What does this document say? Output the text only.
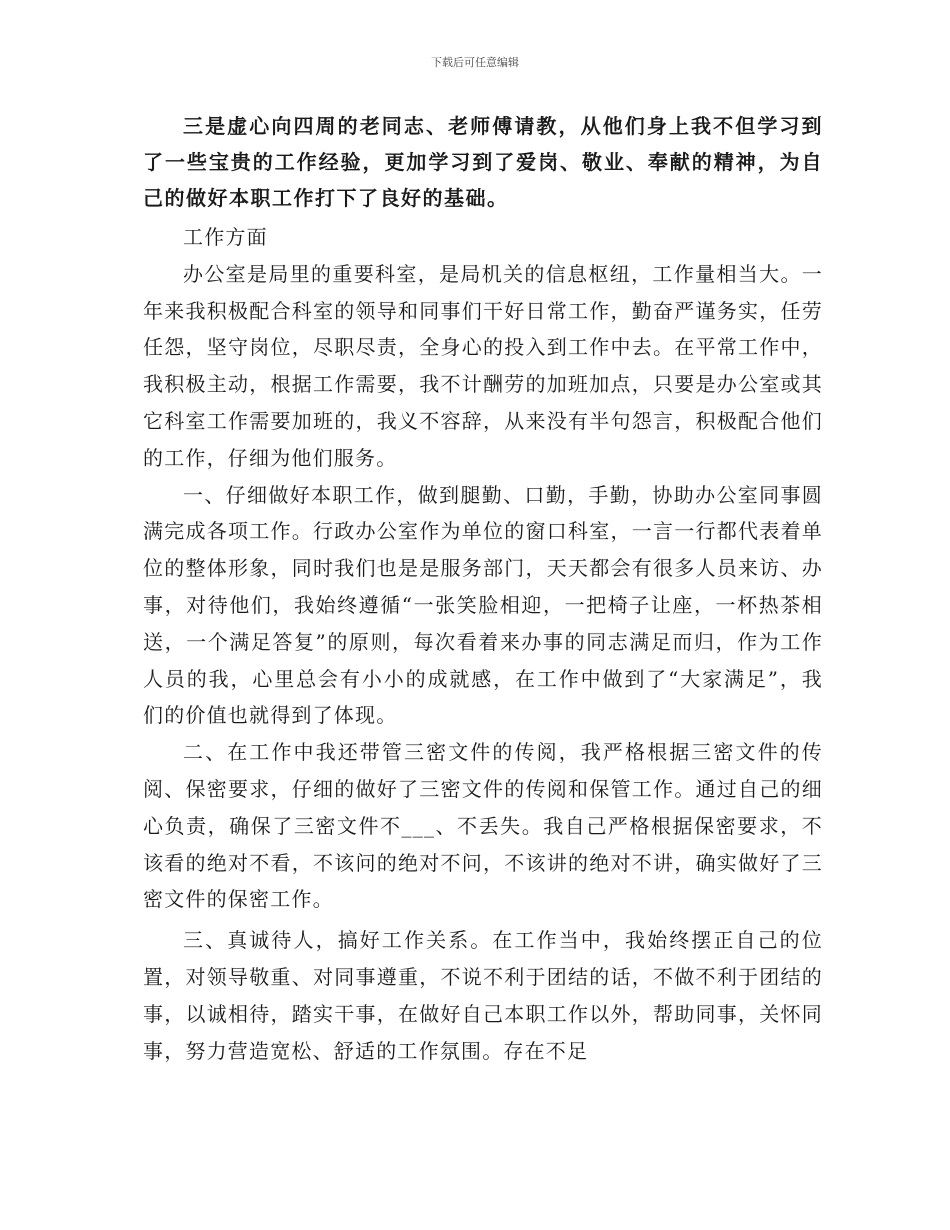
下载后可任意编辑

三是虚心向四周的老同志、老师傅请教，从他们身上我不但学习到了一些宝贵的工作经验，更加学习到了爱岗、敬业、奉献的精神，为自己的做好本职工作打下了良好的基础。

工作方面

办公室是局里的重要科室，是局机关的信息枢纽，工作量相当大。一年来我积极配合科室的领导和同事们干好日常工作，勤奋严谨务实，任劳任怨，坚守岗位，尽职尽责，全身心的投入到工作中去。在平常工作中，我积极主动，根据工作需要，我不计酬劳的加班加点，只要是办公室或其它科室工作需要加班的，我义不容辞，从来没有半句怨言，积极配合他们的工作，仔细为他们服务。

一、仔细做好本职工作，做到腿勤、口勤，手勤，协助办公室同事圆满完成各项工作。行政办公室作为单位的窗口科室，一言一行都代表着单位的整体形象，同时我们也是是服务部门，天天都会有很多人员来访、办事，对待他们，我始终遵循“一张笑脸相迎，一把椅子让座，一杯热茶相送，一个满足答复”的原则，每次看着来办事的同志满足而归，作为工作人员的我，心里总会有小小的成就感，在工作中做到了“大家满足”，我们的价值也就得到了体现。

二、在工作中我还带管三密文件的传阅，我严格根据三密文件的传阅、保密要求，仔细的做好了三密文件的传阅和保管工作。通过自己的细心负责，确保了三密文件不___、不丢失。我自己严格根据保密要求，不该看的绝对不看，不该问的绝对不问，不该讲的绝对不讲，确实做好了三密文件的保密工作。

三、真诚待人，搞好工作关系。在工作当中，我始终摆正自己的位置，对领导敬重、对同事遵重，不说不利于团结的话，不做不利于团结的事，以诚相待，踏实干事，在做好自己本职工作以外，帮助同事，关怀同事，努力营造宽松、舒适的工作氛围。存在不足
